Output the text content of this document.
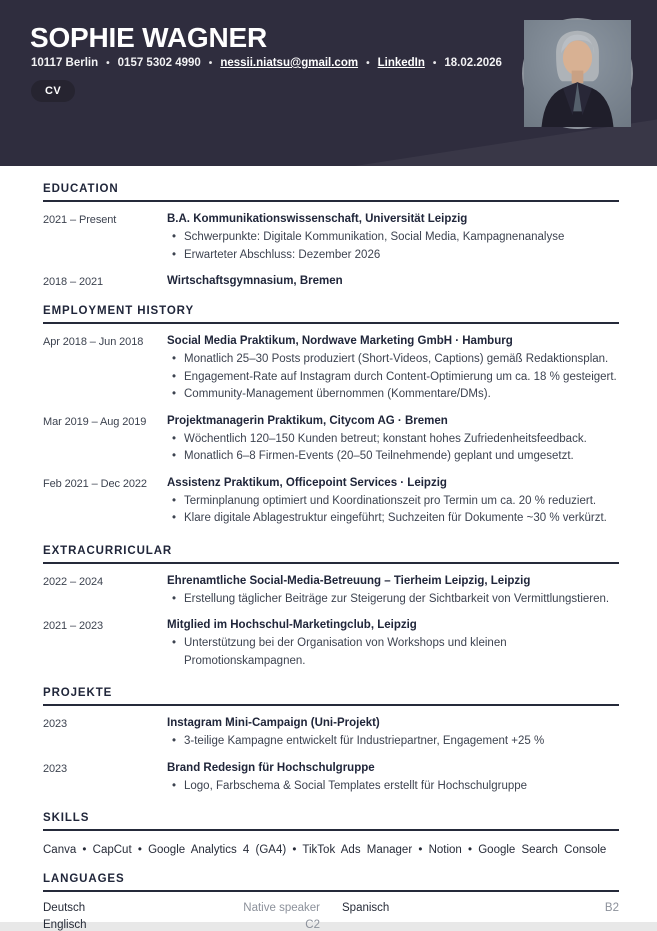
SOPHIE WAGNER
10117 Berlin • 0157 5302 4990 • nessii.niatsu@gmail.com • LinkedIn • 18.02.2026
CV
EDUCATION
2021 – Present	B.A. Kommunikationswissenschaft, Universität Leipzig
• Schwerpunkte: Digitale Kommunikation, Social Media, Kampagnenanalyse
• Erwarteter Abschluss: Dezember 2026
2018 – 2021	Wirtschaftsgymnasium, Bremen
EMPLOYMENT HISTORY
Apr 2018 – Jun 2018	Social Media Praktikum, Nordwave Marketing GmbH · Hamburg
• Monatlich 25–30 Posts produziert (Short-Videos, Captions) gemäß Redaktionsplan.
• Engagement-Rate auf Instagram durch Content-Optimierung um ca. 18 % gesteigert.
• Community-Management übernommen (Kommentare/DMs).
Mar 2019 – Aug 2019	Projektmanagerin Praktikum, Citycom AG · Bremen
• Wöchentlich 120–150 Kunden betreut; konstant hohes Zufriedenheitsfeedback.
• Monatlich 6–8 Firmen-Events (20–50 Teilnehmende) geplant und umgesetzt.
Feb 2021 – Dec 2022	Assistenz Praktikum, Officepoint Services · Leipzig
• Terminplanung optimiert und Koordinationszeit pro Termin um ca. 20 % reduziert.
• Klare digitale Ablagestruktur eingeführt; Suchzeiten für Dokumente ~30 % verkürzt.
EXTRACURRICULAR
2022 – 2024	Ehrenamtliche Social-Media-Betreuung – Tierheim Leipzig, Leipzig
• Erstellung täglicher Beiträge zur Steigerung der Sichtbarkeit von Vermittlungstieren.
2021 – 2023	Mitglied im Hochschul-Marketingclub, Leipzig
• Unterstützung bei der Organisation von Workshops und kleinen Promotionskampagnen.
PROJEKTE
2023	Instagram Mini-Campaign (Uni-Projekt)
• 3-teilige Kampagne entwickelt für Industriepartner, Engagement +25 %
2023	Brand Redesign für Hochschulgruppe
• Logo, Farbschema & Social Templates erstellt für Hochschulgruppe
SKILLS
Canva • CapCut • Google Analytics 4 (GA4) • TikTok Ads Manager • Notion • Google Search Console
LANGUAGES
Deutsch	Native speaker
Englisch	C2
Spanisch	B2
